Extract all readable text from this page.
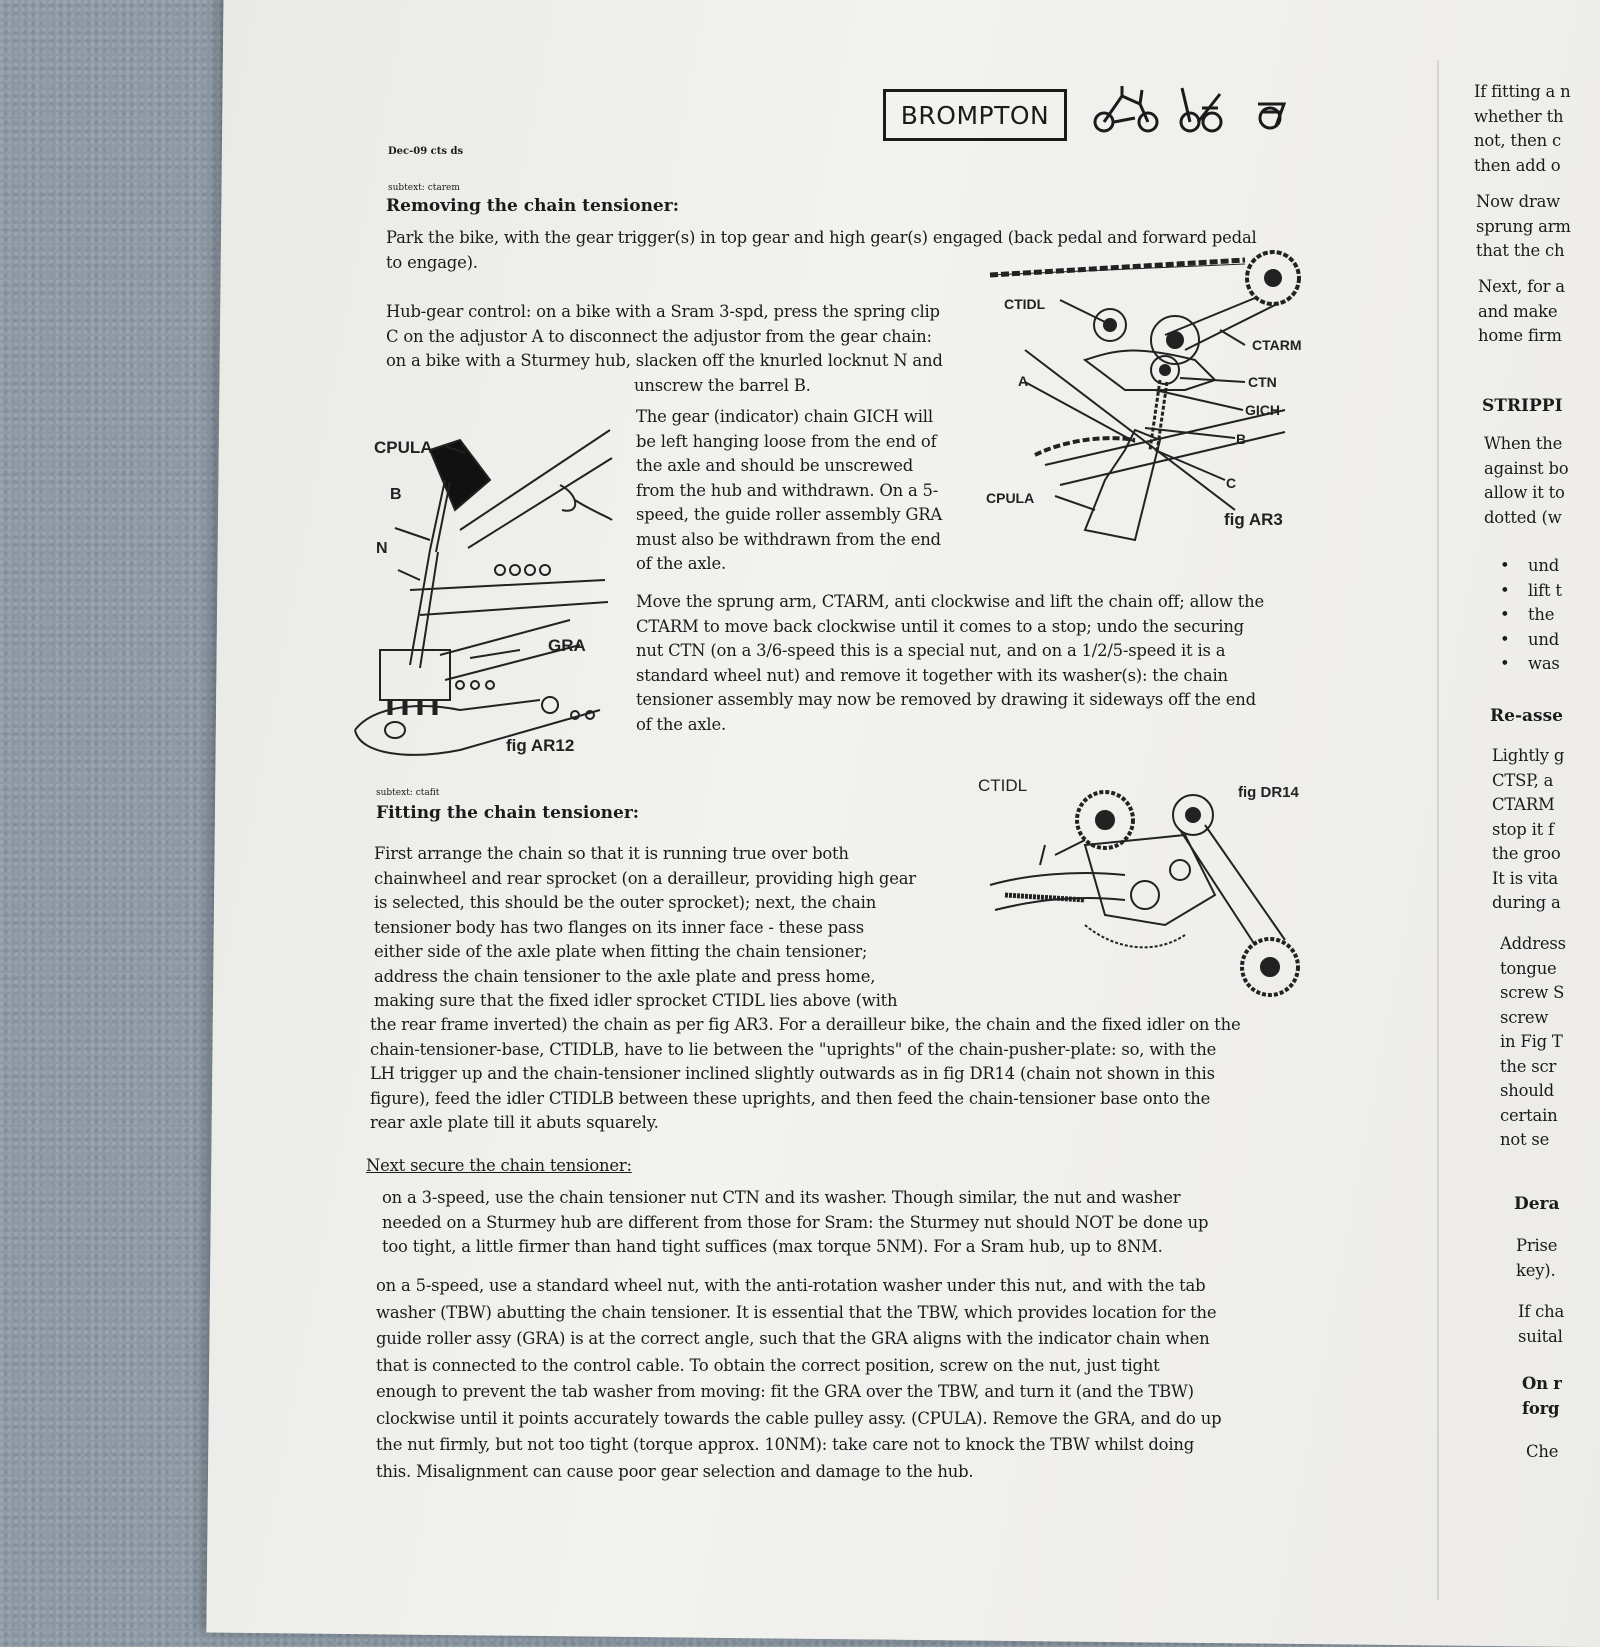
BROMPTON
Dec-09 cts ds
subtext: ctarem
Removing the chain tensioner:
Park the bike, with the gear trigger(s) in top gear and high gear(s) engaged (back pedal and forward pedal
to engage).
Hub-gear control: on a bike with a Sram 3-spd, press the spring clip
C on the adjustor A to disconnect the adjustor from the gear chain:
on a bike with a Sturmey hub, slacken off the knurled locknut N and
unscrew the barrel B.
The gear (indicator) chain GICH will
be left hanging loose from the end of
the axle and should be unscrewed
from the hub and withdrawn. On a 5-
speed, the guide roller assembly GRA
must also be withdrawn from the end
of the axle.
Move the sprung arm, CTARM, anti clockwise and lift the chain off; allow the
CTARM to move back clockwise until it comes to a stop; undo the securing
nut CTN (on a 3/6-speed this is a special nut, and on a 1/2/5-speed it is a
standard wheel nut) and remove it together with its washer(s): the chain
tensioner assembly may now be removed by drawing it sideways off the end
of the axle.
CPULA
B
N
GRA
fig AR12
CTIDL
CTARM
CTN
GICH
A
B
C
CPULA
fig AR3
subtext: ctafit
Fitting the chain tensioner:
First arrange the chain so that it is running true over both
chainwheel and rear sprocket (on a derailleur, providing high gear
is selected, this should be the outer sprocket); next, the chain
tensioner body has two flanges on its inner face - these pass
either side of the axle plate when fitting the chain tensioner;
address the chain tensioner to the axle plate and press home,
making sure that the fixed idler sprocket CTIDL lies above (with
the rear frame inverted) the chain as per fig AR3. For a derailleur bike, the chain and the fixed idler on the
chain-tensioner-base, CTIDLB, have to lie between the "uprights" of the chain-pusher-plate: so, with the
LH trigger up and the chain-tensioner inclined slightly outwards as in fig DR14 (chain not shown in this
figure), feed the idler CTIDLB between these uprights, and then feed the chain-tensioner base onto the
rear axle plate till it abuts squarely.
CTIDL	fig DR14
Next secure the chain tensioner:
on a 3-speed, use the chain tensioner nut CTN and its washer. Though similar, the nut and washer
needed on a Sturmey hub are different from those for Sram: the Sturmey nut should NOT be done up
too tight, a little firmer than hand tight suffices (max torque 5NM). For a Sram hub, up to 8NM.
on a 5-speed, use a standard wheel nut, with the anti-rotation washer under this nut, and with the tab
washer (TBW) abutting the chain tensioner. It is essential that the TBW, which provides location for the
guide roller assy (GRA) is at the correct angle, such that the GRA aligns with the indicator chain when
that is connected to the control cable. To obtain the correct position, screw on the nut, just tight
enough to prevent the tab washer from moving: fit the GRA over the TBW, and turn it (and the TBW)
clockwise until it points accurately towards the cable pulley assy. (CPULA). Remove the GRA, and do up
the nut firmly, but not too tight (torque approx. 10NM): take care not to knock the TBW whilst doing
this. Misalignment can cause poor gear selection and damage to the hub.
If fitting a n
whether th
not, then c
then add o
Now draw
sprung arm
that the ch
Next, for a
and make
home firm
STRIPPI
When the
against bo
allow it to
dotted (w
• und
• lift t
• the
• und
• was
Re-asse
Lightly g
CTSP, a
CTARM
stop it f
the groo
It is vita
during a
Address
tongue
screw S
screw
in Fig T
the scr
should
certain
not se
Dera
Prise
key).
If cha
suital
On r
forg
Che
